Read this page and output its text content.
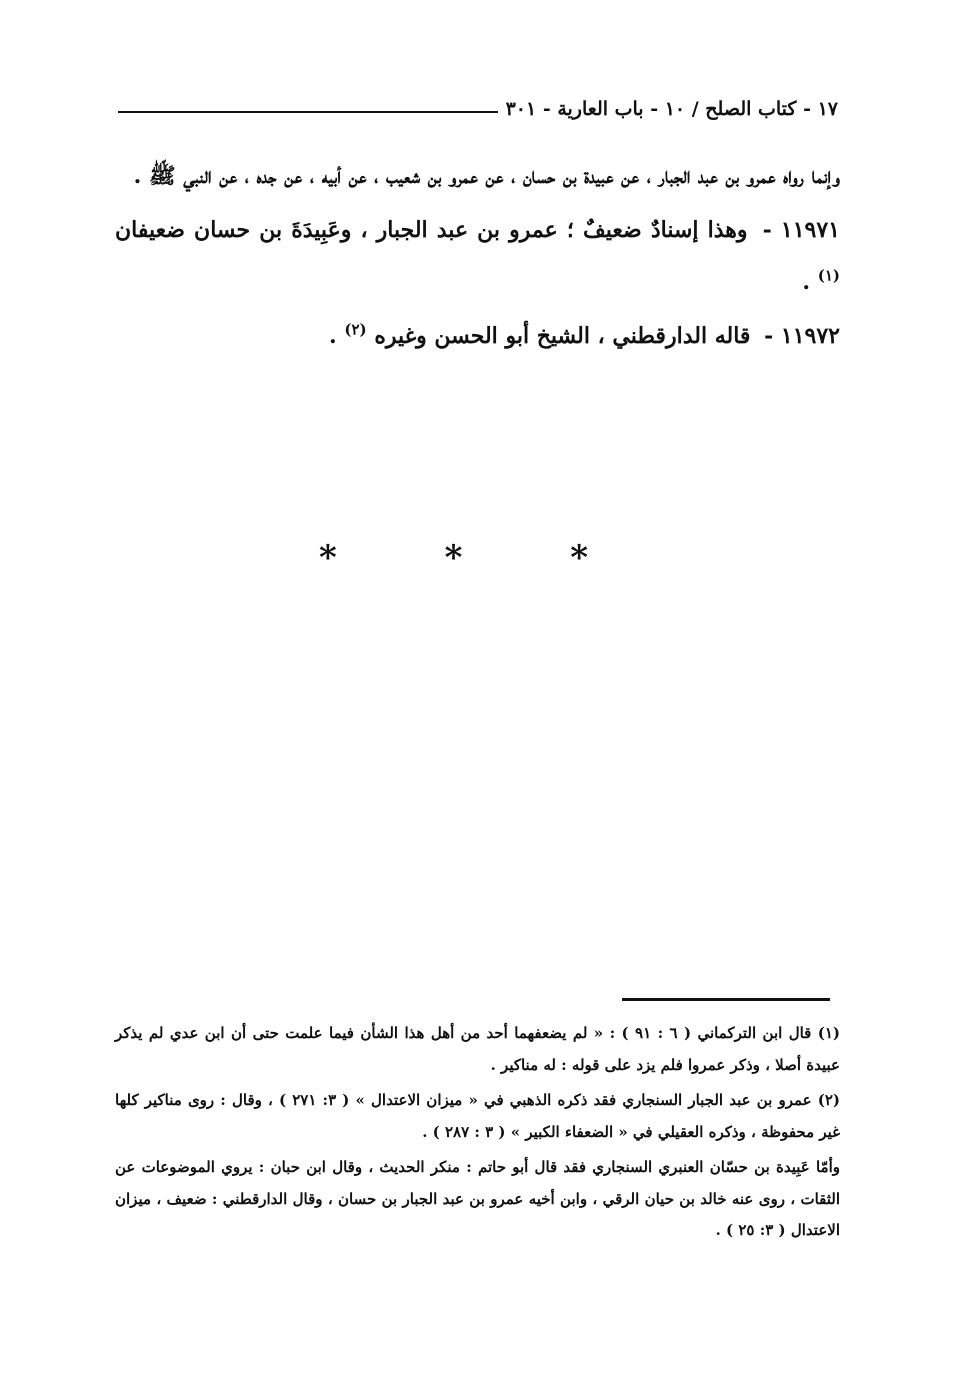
١٧ - كتاب الصلح / ١٠ - باب العارية - ٣٠١

وإنما رواه عمرو بن عبد الجبار ، عن عبيدة بن حسان ، عن عمرو بن شعيب ، عن أبيه ، عن جده ، عن النبي ﷺ .

١١٩٧١ - وهذا إسنادٌ ضعيفٌ ؛ عمرو بن عبد الجبار ، وعَبِيدَةَ بن حسان ضعيفان $^{(١)}$ .

١١٩٧٢ - قاله الدارقطني ، الشيخ أبو الحسن وغيره $^{(٢)}$ .

* * *

(١) قال ابن التركماني ( ٦ : ٩١ ) : « لم يضعفهما أحد من أهل هذا الشأن فيما علمت حتى أن ابن عدي لم يذكر عبيدة أصلا ، وذكر عمروا فلم يزد على قوله : له مناكير .

(٢) عمرو بن عبد الجبار السنجاري فقد ذكره الذهبي في « ميزان الاعتدال » ( ٣: ٢٧١ ) ، وقال : روى مناكير كلها غير محفوظة ، وذكره العقيلي في « الضعفاء الكبير » ( ٣ : ٢٨٧ ) .

وأمّا عَبِيدة بن حسّان العنبري السنجاري فقد قال أبو حاتم : منكر الحديث ، وقال ابن حبان : يروي الموضوعات عن الثقات ، روى عنه خالد بن حيان الرقي ، وابن أخيه عمرو بن عبد الجبار بن حسان ، وقال الدارقطني : ضعيف ، ميزان الاعتدال ( ٣: ٢٥ ) .
